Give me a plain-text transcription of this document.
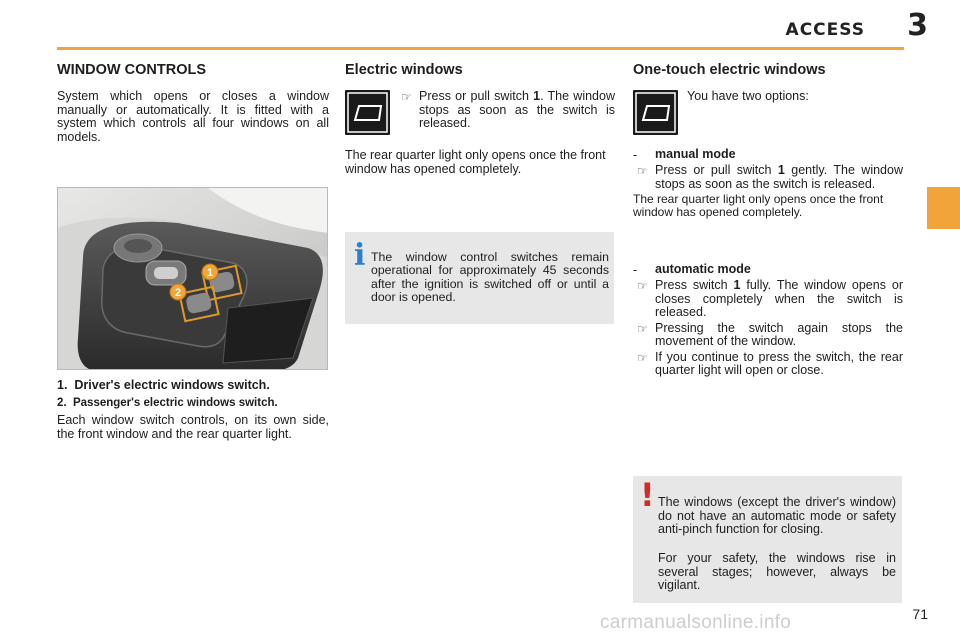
ACCESS 3
WINDOW CONTROLS

System which opens or closes a window manually or automatically. It is fitted with a system which controls all four windows on all models.

1
2
1. Driver's electric windows switch.
2. Passenger's electric windows switch.

Each window switch controls, on its own side, the front window and the rear quarter light.

Electric windows
☞ Press or pull switch 1. The window stops as soon as the switch is released.

The rear quarter light only opens once the front window has opened completely.

i The window control switches remain operational for approximately 45 seconds after the ignition is switched off or until a door is opened.

One-touch electric windows

You have two options:

-	manual mode

☞ Press or pull switch 1 gently. The window stops as soon as the switch is released.

The rear quarter light only opens once the front window has opened completely.

-	automatic mode

☞ Press switch 1 fully. The window opens or closes completely when the switch is released.

☞ Pressing the switch again stops the movement of the window.

☞ If you continue to press the switch, the rear quarter light will open or close.

! The windows (except the driver's window) do not have an automatic mode or safety anti-pinch function for closing.

For your safety, the windows rise in several stages; however, always be vigilant.

71
carmanualsonline.info
